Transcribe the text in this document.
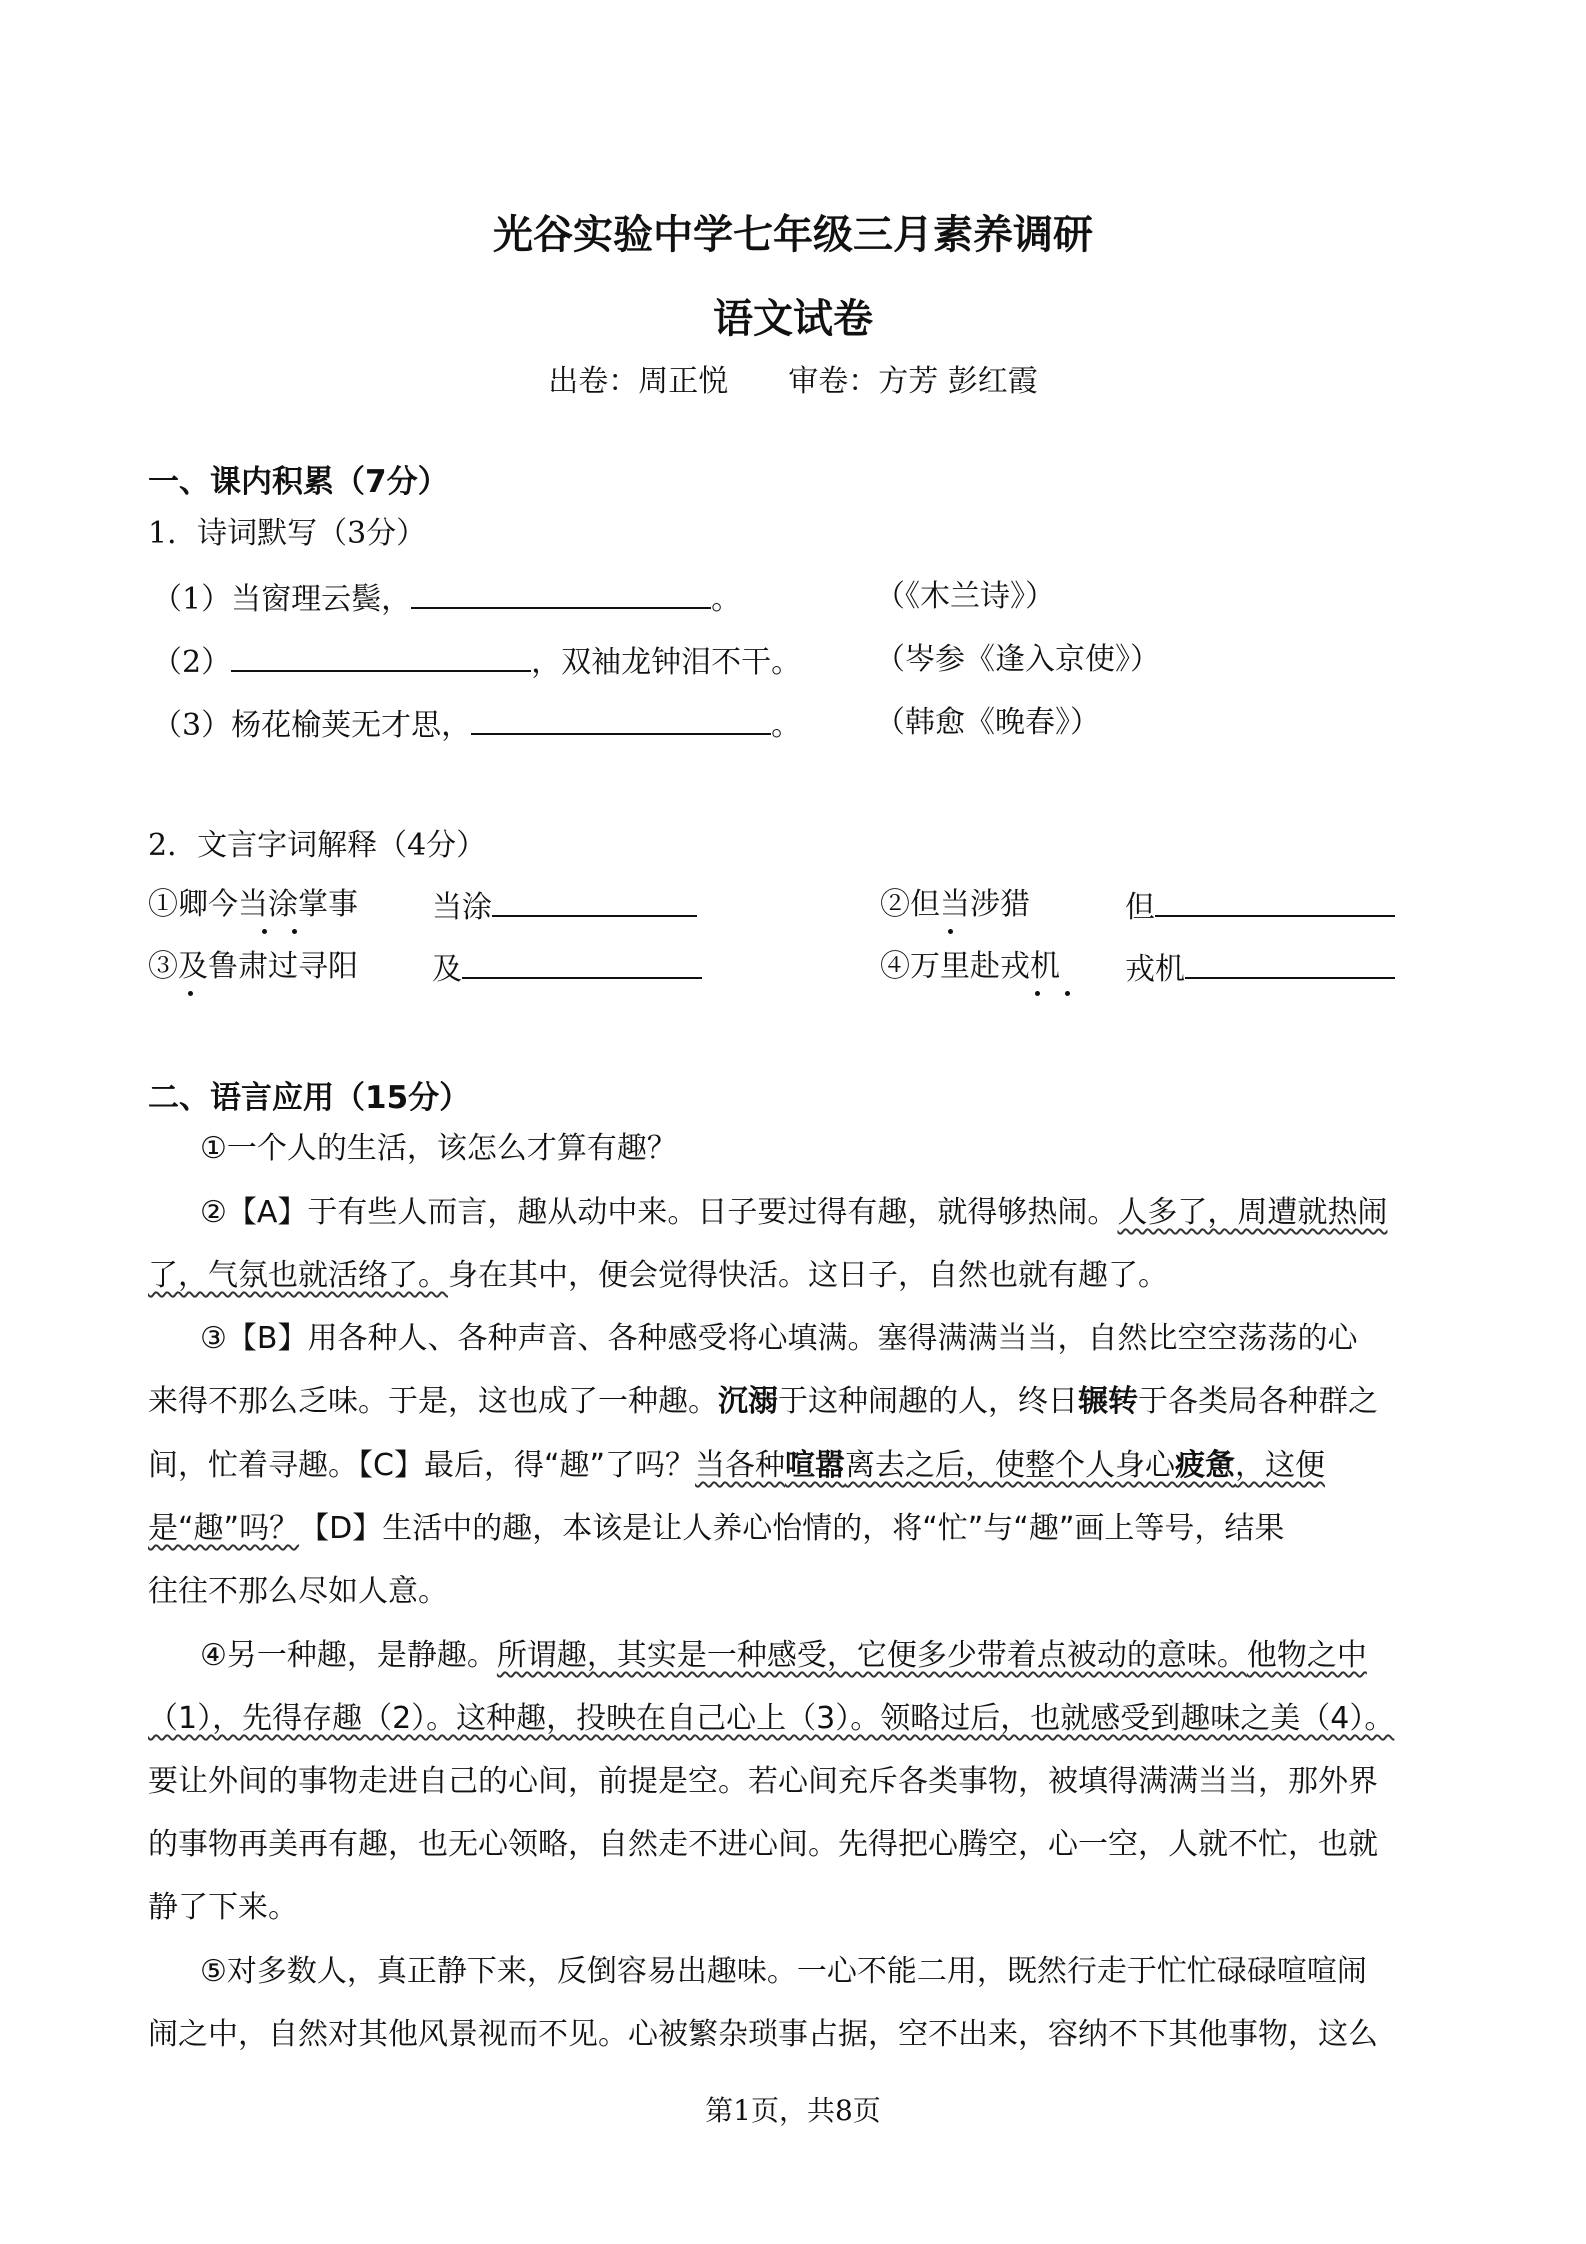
光谷实验中学七年级三月素养调研
语文试卷
出卷：周正悦　　审卷：方芳 彭红霞
一、课内积累（7分）
1．诗词默写（3分）
（1）当窗理云鬓，	。	（《木兰诗》）
（2）	，双袖龙钟泪不干。 （岑参《逢入京使》）
（3）杨花榆荚无才思，	。 （韩愈《晚春》）
2．文言字词解释（4分）
①卿今当涂掌事 当涂	②但当涉猎	但
③及鲁肃过寻阳 及	④万里赴戎机 戎机
二、语言应用（15分）
①一个人的生活，该怎么才算有趣？
②【A】于有些人而言，趣从动中来。日子要过得有趣，就得够热闹。人多了，周遭就热闹
了，气氛也就活络了。身在其中，便会觉得快活。这日子，自然也就有趣了。
③【B】用各种人、各种声音、各种感受将心填满。塞得满满当当，自然比空空荡荡的心
来得不那么乏味。于是，这也成了一种趣。沉溺于这种闹趣的人，终日辗转于各类局各种群之
间，忙着寻趣。【C】最后，得“趣”了吗？当各种喧嚣离去之后，使整个人身心疲惫，这便
是“趣”吗？【D】生活中的趣，本该是让人养心怡情的，将“忙”与“趣”画上等号，结果
往往不那么尽如人意。
④另一种趣，是静趣。所谓趣，其实是一种感受，它便多少带着点被动的意味。他物之中
（1），先得存趣（2）。这种趣，投映在自己心上（3）。领略过后，也就感受到趣味之美（4）。
要让外间的事物走进自己的心间，前提是空。若心间充斥各类事物，被填得满满当当，那外界
的事物再美再有趣，也无心领略，自然走不进心间。先得把心腾空，心一空，人就不忙，也就
静了下来。
⑤对多数人，真正静下来，反倒容易出趣味。一心不能二用，既然行走于忙忙碌碌喧喧闹
闹之中，自然对其他风景视而不见。心被繁杂琐事占据，空不出来，容纳不下其他事物，这么
第1页，共8页
